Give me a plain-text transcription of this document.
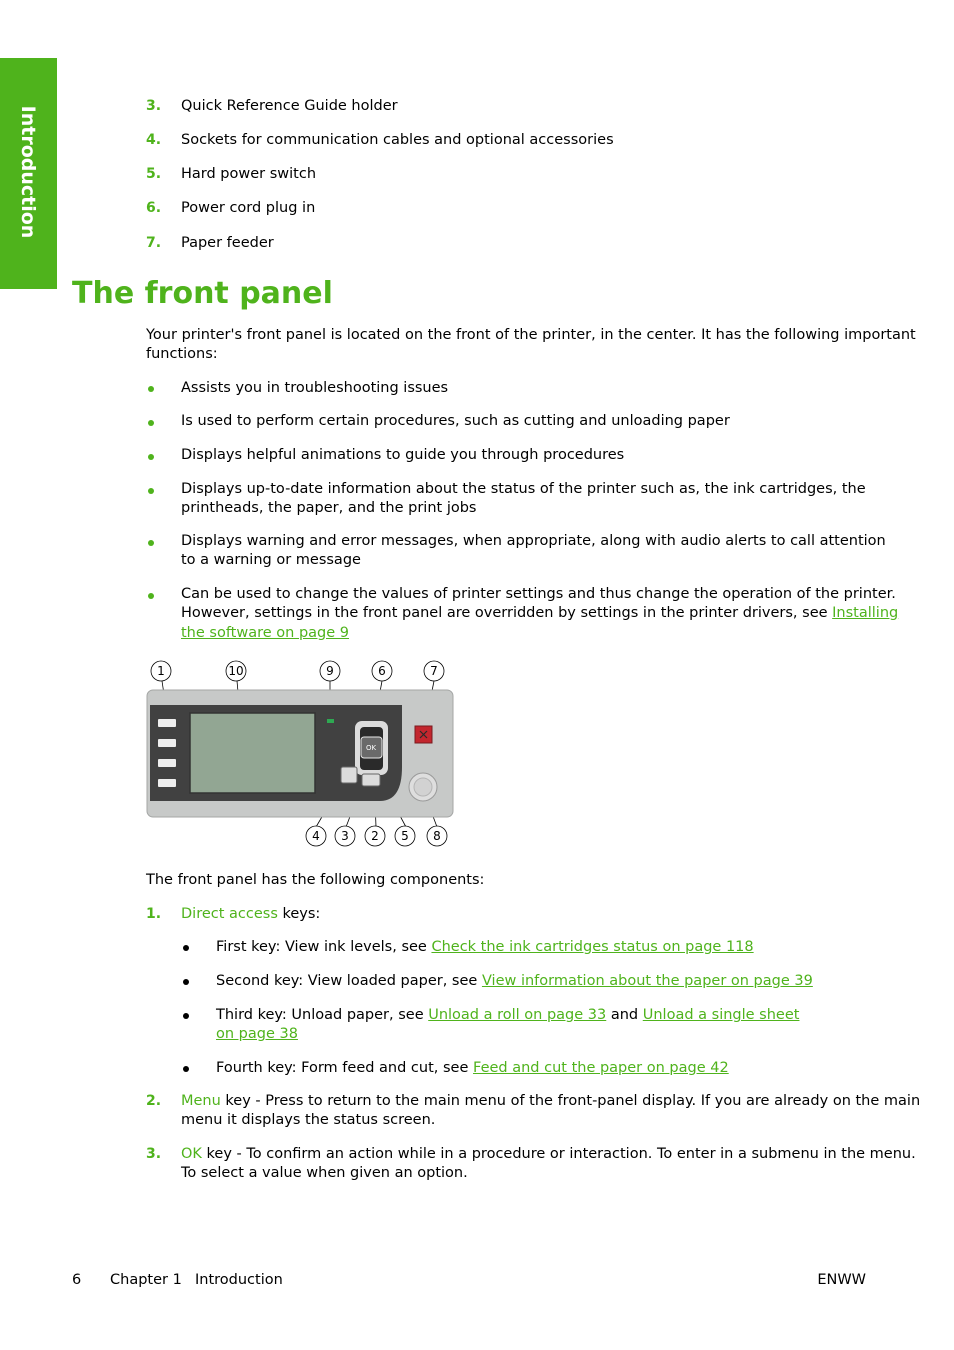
Introduction	3. Quick Reference Guide holder
4. Sockets for communication cables and optional accessories
5. Hard power switch
6. Power cord plug in
7. Paper feeder
The front panel
Your printer's front panel is located on the front of the printer, in the center. It has the following important
functions:
Assists you in troubleshooting issues
Is used to perform certain procedures, such as cutting and unloading paper
Displays helpful animations to guide you through procedures
Displays up-to-date information about the status of the printer such as, the ink cartridges, the
printheads, the paper, and the print jobs
Displays warning and error messages, when appropriate, along with audio alerts to call attention
to a warning or message
Can be used to change the values of printer settings and thus change the operation of the printer.
However, settings in the front panel are overridden by settings in the printer drivers, see Installing
the software on page 9
1	10	9	6	7
4 3 2 5 8
OK
The front panel has the following components:
1. Direct access keys:
First key: View ink levels, see Check the ink cartridges status on page 118
Second key: View loaded paper, see View information about the paper on page 39
Third key: Unload paper, see Unload a roll on page 33 and Unload a single sheet
on page 38
Fourth key: Form feed and cut, see Feed and cut the paper on page 42
2. Menu key - Press to return to the main menu of the front-panel display. If you are already on the main
menu it displays the status screen.
3. OK key - To confirm an action while in a procedure or interaction. To enter in a submenu in the menu.
To select a value when given an option.
6 Chapter 1 Introduction	ENWW
